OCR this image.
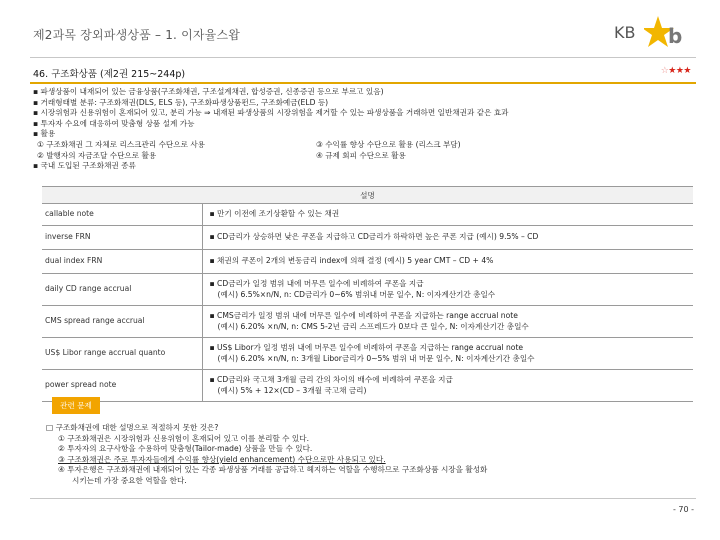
제2과목 장외파생상품 – 1. 이자율스왑	KB b
46. 구조화상품 (제2권 215~244p)	☆★★★
▪ 파생상품이 내재되어 있는 금융상품(구조화채권, 구조설계채권, 합성증권, 신종증권 등으로 부르고 있음)
▪ 거래형태별 분류: 구조화채권(DLS, ELS 등), 구조화파생상품펀드, 구조화예금(ELD 등)
▪ 시장위험과 신용위험이 혼재되어 있고, 분리 가능 ⇒ 내재된 파생상품의 시장위험을 제거할 수 있는 파생상품을 거래하면 일반채권과 같은 효과
▪ 투자자 수요에 대응하여 맞춤형 상품 설계 가능
▪ 활용
① 구조화채권 그 자체로 리스크관리 수단으로 사용	③ 수익률 향상 수단으로 활용 (리스크 부담)
② 발행자의 자금조달 수단으로 활용	④ 규제 회피 수단으로 활용
▪ 국내 도입된 구조화채권 종류
설명	
callable note	▪ 만기 이전에 조기상환할 수 있는 채권

inverse FRN	▪ CD금리가 상승하면 낮은 쿠폰을 지급하고 CD금리가 하락하면 높은 쿠폰 지급 (예시) 9.5% – CD

dual index FRN	▪ 채권의 쿠폰이 2개의 변동금리 index에 의해 결정 (예시) 5 year CMT – CD + 4%

daily CD range accrual	▪ CD금리가 일정 범위 내에 머무른 일수에 비례하여 쿠폰을 지급
(예시) 6.5%×n/N, n: CD금리가 0~6% 범위내 머문 일수, N: 이자계산기간 총일수

CMS spread range accrual	▪ CMS금리가 일정 범위 내에 머무른 일수에 비례하여 쿠폰을 지급하는 range accrual note
(예시) 6.20% ×n/N, n: CMS 5-2년 금리 스프레드가 0보다 큰 일수, N: 이자계산기간 총일수

US$ Libor range accrual quanto	▪ US$ Libor가 일정 범위 내에 머무른 일수에 비례하여 쿠폰을 지급하는 range accrual note
(예시) 6.20% ×n/N, n: 3개월 Libor금리가 0~5% 범위 내 머문 일수, N: 이자계산기간 총일수

power spread note	▪ CD금리와 국고채 3개월 금리 간의 차이의 배수에 비례하여 쿠폰을 지급
(예시) 5% + 12×(CD – 3개월 국고채 금리)
관련 문제
□ 구조화채권에 대한 설명으로 적절하지 못한 것은?
① 구조화채권은 시장위험과 신용위험이 혼재되어 있고 이를 분리할 수 있다.
② 투자자의 요구사항을 수용하여 맞춤형(Tailor-made) 상품을 만들 수 있다.
③ 구조화채권은 주로 투자자들에게 수익률 향상(yield enhancement) 수단으로만 사용되고 있다.
④ 투자은행은 구조화채권에 내재되어 있는 각종 파생상품 거래를 공급하고 헤지하는 역할을 수행하므로 구조화상품 시장을 활성화
시키는데 가장 중요한 역할을 한다.
- 70 -
